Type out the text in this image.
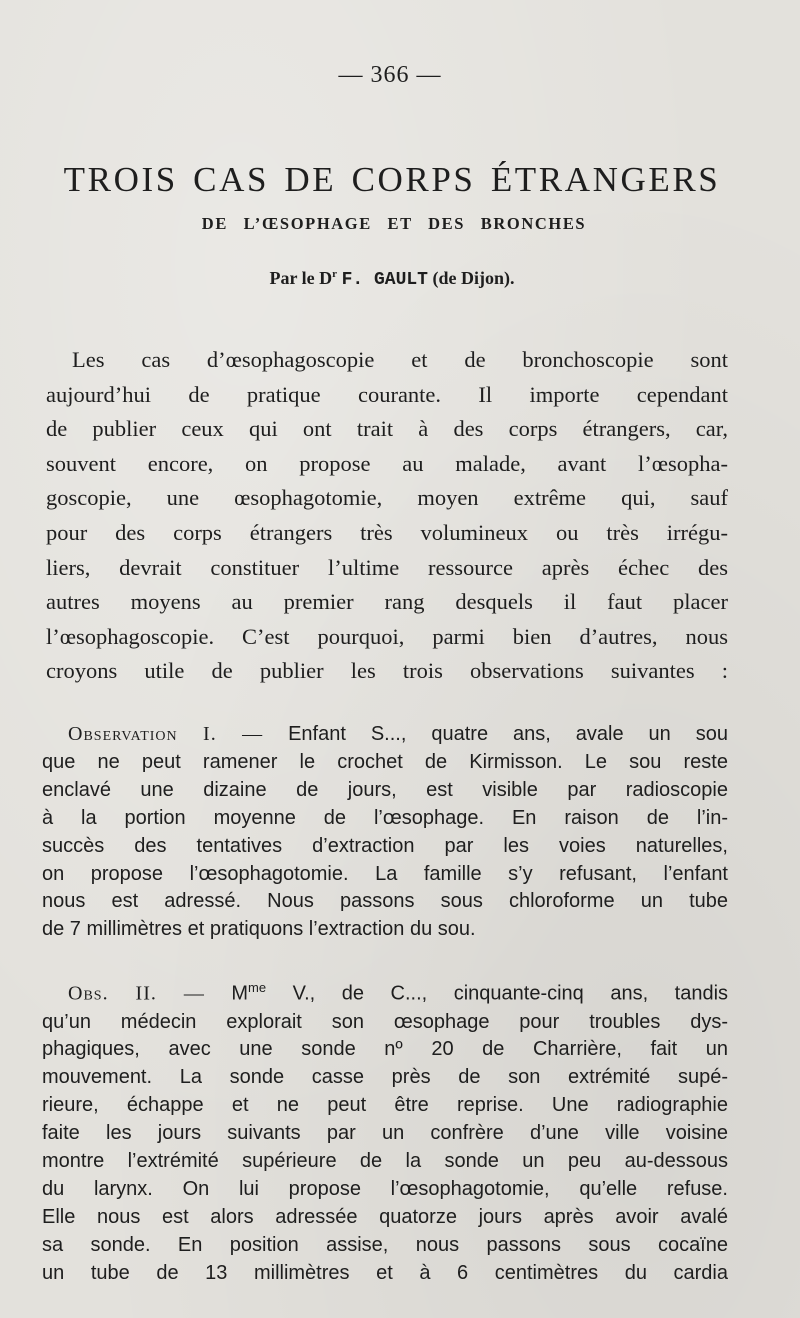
— 366 —
TROIS CAS DE CORPS ÉTRANGERS
DE L’ŒSOPHAGE ET DES BRONCHES
Par le $D^r$ F. GAULT (de Dijon).
Les cas d’œsophagoscopie et de bronchoscopie sont
aujourd’hui de pratique courante. Il importe cependant
de publier ceux qui ont trait à des corps étrangers, car,
souvent encore, on propose au malade, avant l’œsopha-
goscopie, une œsophagotomie, moyen extrême qui, sauf
pour des corps étrangers très volumineux ou très irrégu-
liers, devrait constituer l’ultime ressource après échec des
autres moyens au premier rang desquels il faut placer
l’œsophagoscopie. C’est pourquoi, parmi bien d’autres, nous
croyons utile de publier les trois observations suivantes :
Observation I. — Enfant S..., quatre ans, avale un sou
que ne peut ramener le crochet de Kirmisson. Le sou reste
enclavé une dizaine de jours, est visible par radioscopie
à la portion moyenne de l’œsophage. En raison de l’in-
succès des tentatives d’extraction par les voies naturelles,
on propose l’œsophagotomie. La famille s’y refusant, l’enfant
nous est adressé. Nous passons sous chloroforme un tube
de 7 millimètres et pratiquons l’extraction du sou.
Obs. II. — $M^{me}$ V., de C..., cinquante-cinq ans, tandis
qu’un médecin explorait son œsophage pour troubles dys-
phagiques, avec une sonde nº 20 de Charrière, fait un
mouvement. La sonde casse près de son extrémité supé-
rieure, échappe et ne peut être reprise. Une radiographie
faite les jours suivants par un confrère d’une ville voisine
montre l’extrémité supérieure de la sonde un peu au-dessous
du larynx. On lui propose l’œsophagotomie, qu’elle refuse.
Elle nous est alors adressée quatorze jours après avoir avalé
sa sonde. En position assise, nous passons sous cocaïne
un tube de 13 millimètres et à 6 centimètres du cardia
